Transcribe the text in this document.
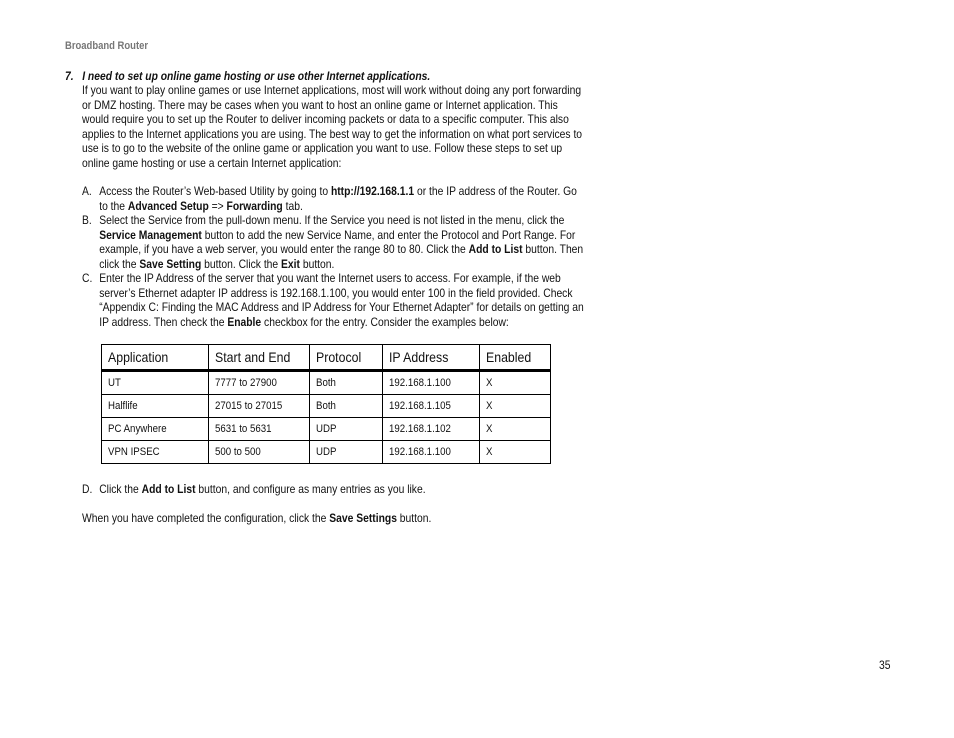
Broadband Router
7. I need to set up online game hosting or use other Internet applications.
If you want to play online games or use Internet applications, most will work without doing any port forwarding or DMZ hosting. There may be cases when you want to host an online game or Internet application. This would require you to set up the Router to deliver incoming packets or data to a specific computer. This also applies to the Internet applications you are using. The best way to get the information on what port services to use is to go to the website of the online game or application you want to use. Follow these steps to set up online game hosting or use a certain Internet application:
A. Access the Router’s Web-based Utility by going to http://192.168.1.1 or the IP address of the Router. Go to the Advanced Setup => Forwarding tab.
B. Select the Service from the pull-down menu. If the Service you need is not listed in the menu, click the Service Management button to add the new Service Name, and enter the Protocol and Port Range. For example, if you have a web server, you would enter the range 80 to 80. Click the Add to List button. Then click the Save Setting button. Click the Exit button.
C. Enter the IP Address of the server that you want the Internet users to access. For example, if the web server’s Ethernet adapter IP address is 192.168.1.100, you would enter 100 in the field provided. Check “Appendix C: Finding the MAC Address and IP Address for Your Ethernet Adapter” for details on getting an IP address. Then check the Enable checkbox for the entry. Consider the examples below:
Application	Start and End	Protocol	IP Address	Enabled
UT	7777 to 27900	Both	192.168.1.100	X
Halflife	27015 to 27015	Both	192.168.1.105	X
PC Anywhere	5631 to 5631	UDP	192.168.1.102	X
VPN IPSEC	500 to 500	UDP	192.168.1.100	X
D. Click the Add to List button, and configure as many entries as you like.
When you have completed the configuration, click the Save Settings button.
35
